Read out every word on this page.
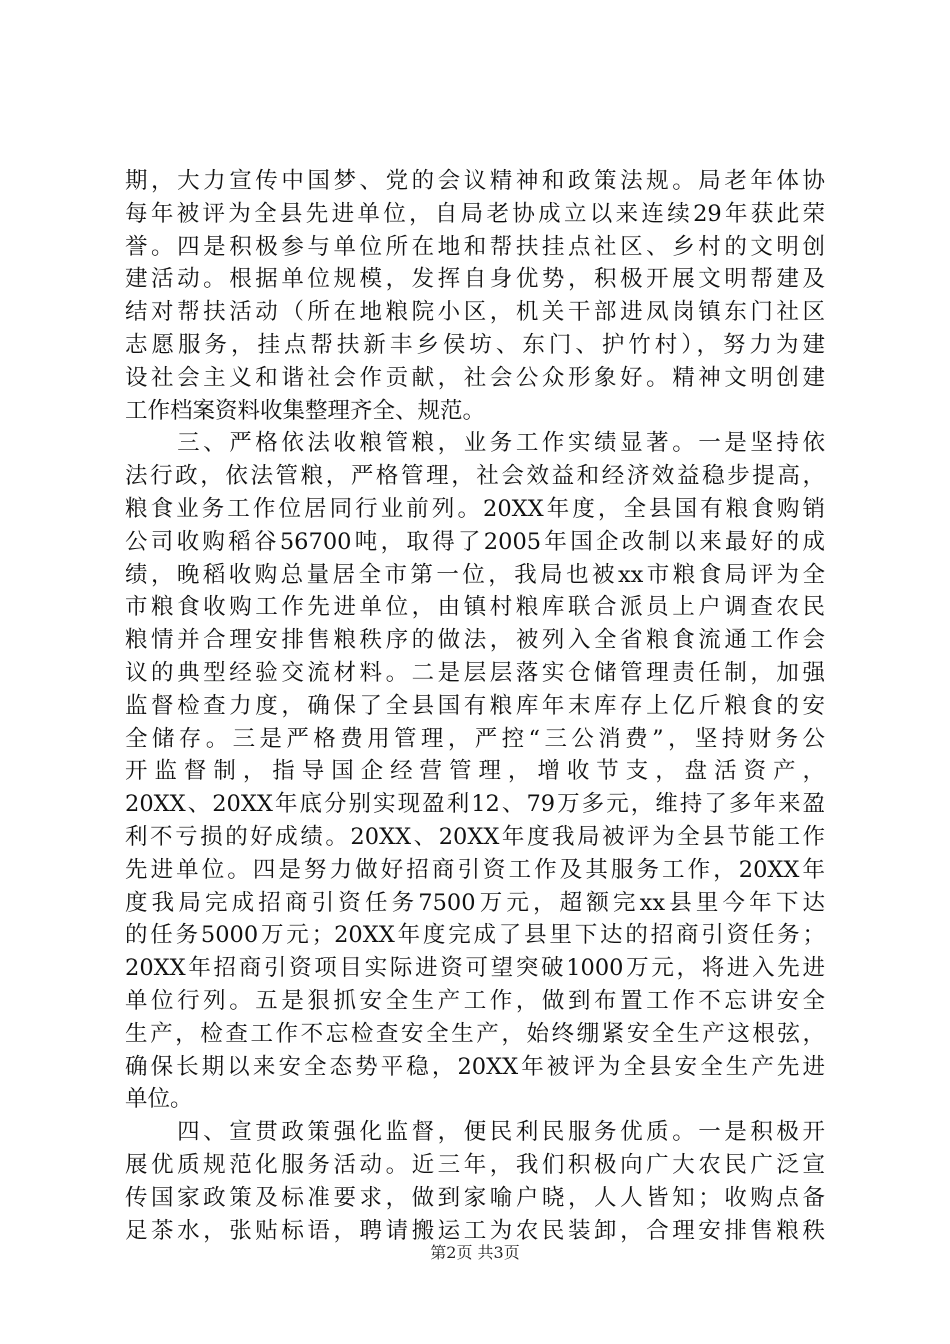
期，大力宣传中国梦、党的会议精神和政策法规。局老年体协
每年被评为全县先进单位，自局老协成立以来连续29年获此荣
誉。四是积极参与单位所在地和帮扶挂点社区、乡村的文明创
建活动。根据单位规模，发挥自身优势，积极开展文明帮建及
结对帮扶活动（所在地粮院小区，机关干部进凤岗镇东门社区
志愿服务，挂点帮扶新丰乡侯坊、东门、护竹村），努力为建
设社会主义和谐社会作贡献，社会公众形象好。精神文明创建
工作档案资料收集整理齐全、规范。
　　三、严格依法收粮管粮，业务工作实绩显著。一是坚持依
法行政，依法管粮，严格管理，社会效益和经济效益稳步提高，
粮食业务工作位居同行业前列。20XX年度，全县国有粮食购销
公司收购稻谷56700吨，取得了2005年国企改制以来最好的成
绩，晚稻收购总量居全市第一位，我局也被xx市粮食局评为全
市粮食收购工作先进单位，由镇村粮库联合派员上户调查农民
粮情并合理安排售粮秩序的做法，被列入全省粮食流通工作会
议的典型经验交流材料。二是层层落实仓储管理责任制，加强
监督检查力度，确保了全县国有粮库年末库存上亿斤粮食的安
全储存。三是严格费用管理，严控“三公消费”，坚持财务公
开监督制，指导国企经营管理，增收节支，盘活资产，
20XX、20XX年底分别实现盈利12、79万多元，维持了多年来盈
利不亏损的好成绩。20XX、20XX年度我局被评为全县节能工作
先进单位。四是努力做好招商引资工作及其服务工作，20XX年
度我局完成招商引资任务7500万元，超额完xx县里今年下达
的任务5000万元；20XX年度完成了县里下达的招商引资任务；
20XX年招商引资项目实际进资可望突破1000万元，将进入先进
单位行列。五是狠抓安全生产工作，做到布置工作不忘讲安全
生产，检查工作不忘检查安全生产，始终绷紧安全生产这根弦，
确保长期以来安全态势平稳，20XX年被评为全县安全生产先进
单位。
　　四、宣贯政策强化监督，便民利民服务优质。一是积极开
展优质规范化服务活动。近三年，我们积极向广大农民广泛宣
传国家政策及标准要求，做到家喻户晓，人人皆知；收购点备
足茶水，张贴标语，聘请搬运工为农民装卸，合理安排售粮秩
第2页 共3页
